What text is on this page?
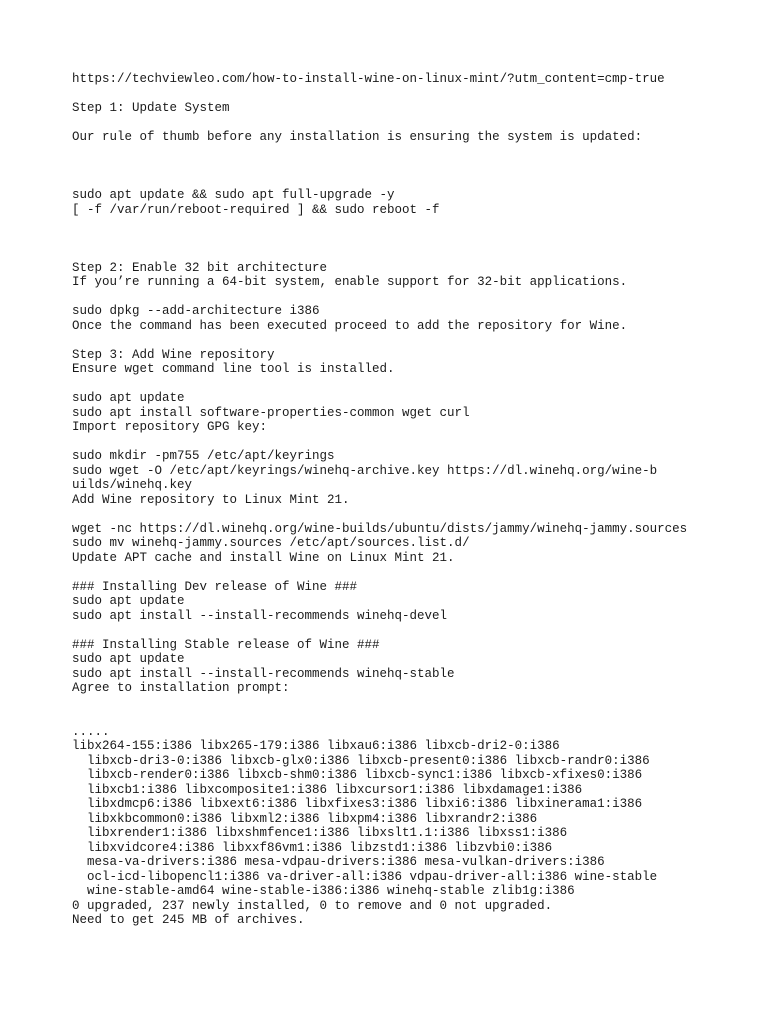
https://techviewleo.com/how-to-install-wine-on-linux-mint/?utm_content=cmp-true
Step 1: Update System
Our rule of thumb before any installation is ensuring the system is updated:
sudo apt update && sudo apt full-upgrade -y
[ -f /var/run/reboot-required ] && sudo reboot -f
Step 2: Enable 32 bit architecture
If you’re running a 64-bit system, enable support for 32-bit applications.
sudo dpkg --add-architecture i386
Once the command has been executed proceed to add the repository for Wine.
Step 3: Add Wine repository
Ensure wget command line tool is installed.
sudo apt update
sudo apt install software-properties-common wget curl
Import repository GPG key:
sudo mkdir -pm755 /etc/apt/keyrings
sudo wget -O /etc/apt/keyrings/winehq-archive.key https://dl.winehq.org/wine-builds/winehq.key
Add Wine repository to Linux Mint 21.
wget -nc https://dl.winehq.org/wine-builds/ubuntu/dists/jammy/winehq-jammy.sources
sudo mv winehq-jammy.sources /etc/apt/sources.list.d/
Update APT cache and install Wine on Linux Mint 21.
### Installing Dev release of Wine ###
sudo apt update
sudo apt install --install-recommends winehq-devel
### Installing Stable release of Wine ###
sudo apt update
sudo apt install --install-recommends winehq-stable
Agree to installation prompt:
.....
libx264-155:i386 libx265-179:i386 libxau6:i386 libxcb-dri2-0:i386
libxcb-dri3-0:i386 libxcb-glx0:i386 libxcb-present0:i386 libxcb-randr0:i386
libxcb-render0:i386 libxcb-shm0:i386 libxcb-sync1:i386 libxcb-xfixes0:i386
libxcb1:i386 libxcomposite1:i386 libxcursor1:i386 libxdamage1:i386
libxdmcp6:i386 libxext6:i386 libxfixes3:i386 libxi6:i386 libxinerama1:i386
libxkbcommon0:i386 libxml2:i386 libxpm4:i386 libxrandr2:i386
libxrender1:i386 libxshmfence1:i386 libxslt1.1:i386 libxss1:i386
libxvidcore4:i386 libxxf86vm1:i386 libzstd1:i386 libzvbi0:i386
mesa-va-drivers:i386 mesa-vdpau-drivers:i386 mesa-vulkan-drivers:i386
ocl-icd-libopencl1:i386 va-driver-all:i386 vdpau-driver-all:i386 wine-stable
wine-stable-amd64 wine-stable-i386:i386 winehq-stable zlib1g:i386
0 upgraded, 237 newly installed, 0 to remove and 0 not upgraded.
Need to get 245 MB of archives.
